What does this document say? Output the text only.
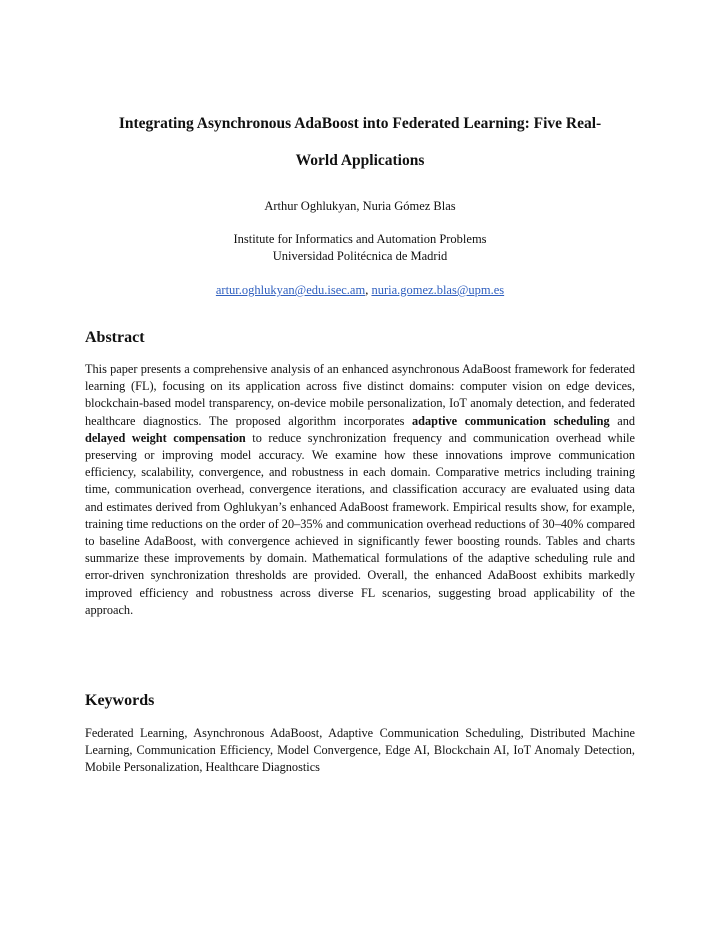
Integrating Asynchronous AdaBoost into Federated Learning: Five Real-
World Applications
Arthur Oghlukyan, Nuria Gómez Blas
Institute for Informatics and Automation Problems
Universidad Politécnica de Madrid
artur.oghlukyan@edu.isec.am, nuria.gomez.blas@upm.es
Abstract
This paper presents a comprehensive analysis of an enhanced asynchronous AdaBoost framework for federated learning (FL), focusing on its application across five distinct domains: computer vision on edge devices, blockchain-based model transparency, on-device mobile personalization, IoT anomaly detection, and federated healthcare diagnostics. The proposed algorithm incorporates adaptive communication scheduling and delayed weight compensation to reduce synchronization frequency and communication overhead while preserving or improving model accuracy. We examine how these innovations improve communication efficiency, scalability, convergence, and robustness in each domain. Comparative metrics including training time, communication overhead, convergence iterations, and classification accuracy are evaluated using data and estimates derived from Oghlukyan’s enhanced AdaBoost framework. Empirical results show, for example, training time reductions on the order of 20–35% and communication overhead reductions of 30–40% compared to baseline AdaBoost, with convergence achieved in significantly fewer boosting rounds. Tables and charts summarize these improvements by domain. Mathematical formulations of the adaptive scheduling rule and error-driven synchronization thresholds are provided. Overall, the enhanced AdaBoost exhibits markedly improved efficiency and robustness across diverse FL scenarios, suggesting broad applicability of the approach.
Keywords
Federated Learning, Asynchronous AdaBoost, Adaptive Communication Scheduling, Distributed Machine Learning, Communication Efficiency, Model Convergence, Edge AI, Blockchain AI, IoT Anomaly Detection, Mobile Personalization, Healthcare Diagnostics
